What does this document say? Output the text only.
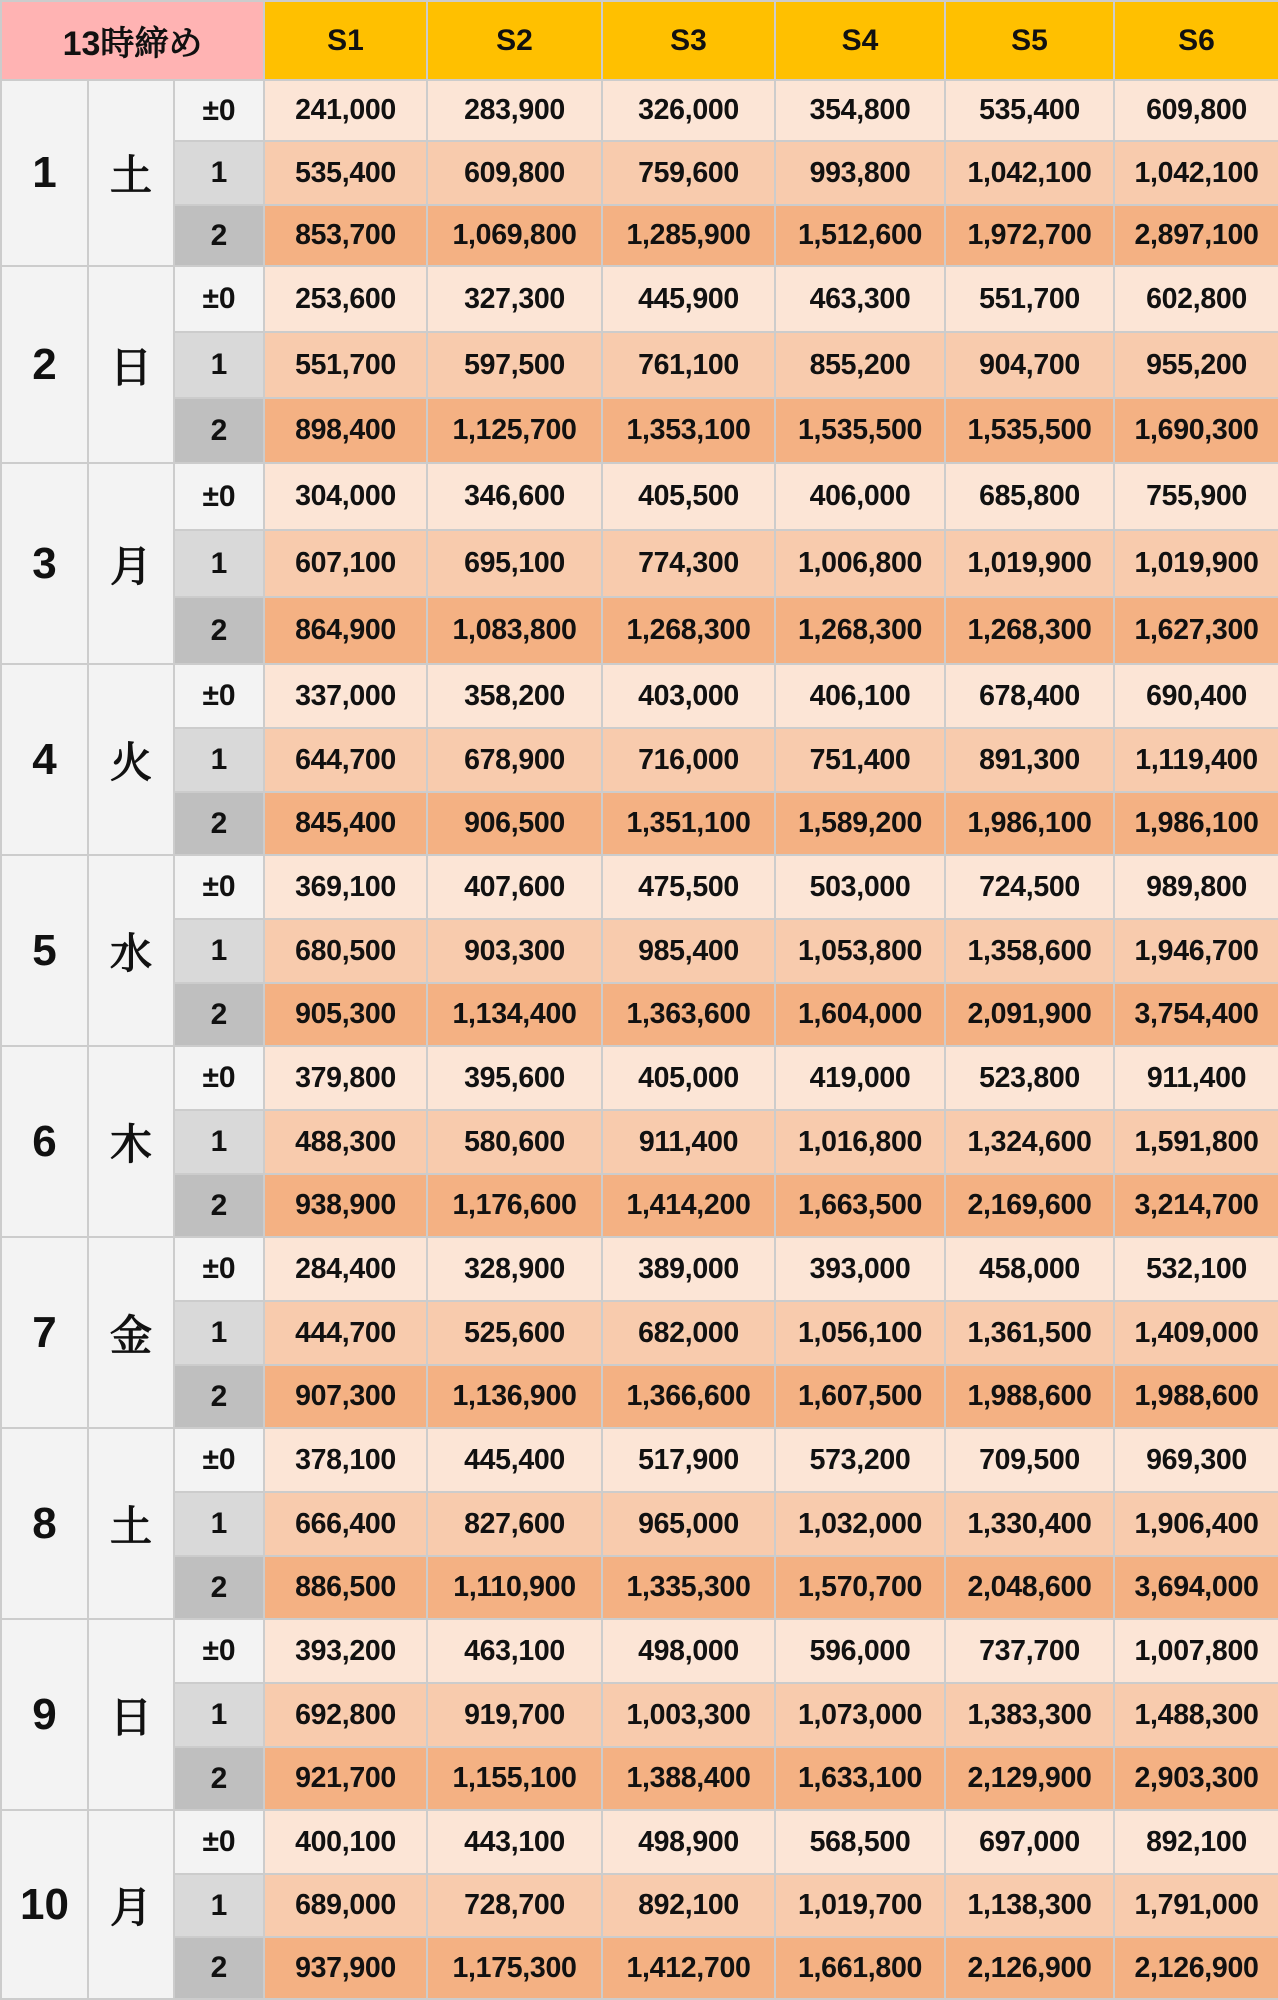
13時締め			S1	S2	S3	S4	S5	S6
1	土	±0	241,000	283,900	326,000	354,800	535,400	609,800
		1	535,400	609,800	759,600	993,800	1,042,100	1,042,100
		2	853,700	1,069,800	1,285,900	1,512,600	1,972,700	2,897,100
2	日	±0	253,600	327,300	445,900	463,300	551,700	602,800
		1	551,700	597,500	761,100	855,200	904,700	955,200
		2	898,400	1,125,700	1,353,100	1,535,500	1,535,500	1,690,300
3	月	±0	304,000	346,600	405,500	406,000	685,800	755,900
		1	607,100	695,100	774,300	1,006,800	1,019,900	1,019,900
		2	864,900	1,083,800	1,268,300	1,268,300	1,268,300	1,627,300
4	火	±0	337,000	358,200	403,000	406,100	678,400	690,400
		1	644,700	678,900	716,000	751,400	891,300	1,119,400
		2	845,400	906,500	1,351,100	1,589,200	1,986,100	1,986,100
5	水	±0	369,100	407,600	475,500	503,000	724,500	989,800
		1	680,500	903,300	985,400	1,053,800	1,358,600	1,946,700
		2	905,300	1,134,400	1,363,600	1,604,000	2,091,900	3,754,400
6	木	±0	379,800	395,600	405,000	419,000	523,800	911,400
		1	488,300	580,600	911,400	1,016,800	1,324,600	1,591,800
		2	938,900	1,176,600	1,414,200	1,663,500	2,169,600	3,214,700
7	金	±0	284,400	328,900	389,000	393,000	458,000	532,100
		1	444,700	525,600	682,000	1,056,100	1,361,500	1,409,000
		2	907,300	1,136,900	1,366,600	1,607,500	1,988,600	1,988,600
8	土	±0	378,100	445,400	517,900	573,200	709,500	969,300
		1	666,400	827,600	965,000	1,032,000	1,330,400	1,906,400
		2	886,500	1,110,900	1,335,300	1,570,700	2,048,600	3,694,000
9	日	±0	393,200	463,100	498,000	596,000	737,700	1,007,800
		1	692,800	919,700	1,003,300	1,073,000	1,383,300	1,488,300
		2	921,700	1,155,100	1,388,400	1,633,100	2,129,900	2,903,300
10	月	±0	400,100	443,100	498,900	568,500	697,000	892,100
		1	689,000	728,700	892,100	1,019,700	1,138,300	1,791,000
		2	937,900	1,175,300	1,412,700	1,661,800	2,126,900	2,126,900
